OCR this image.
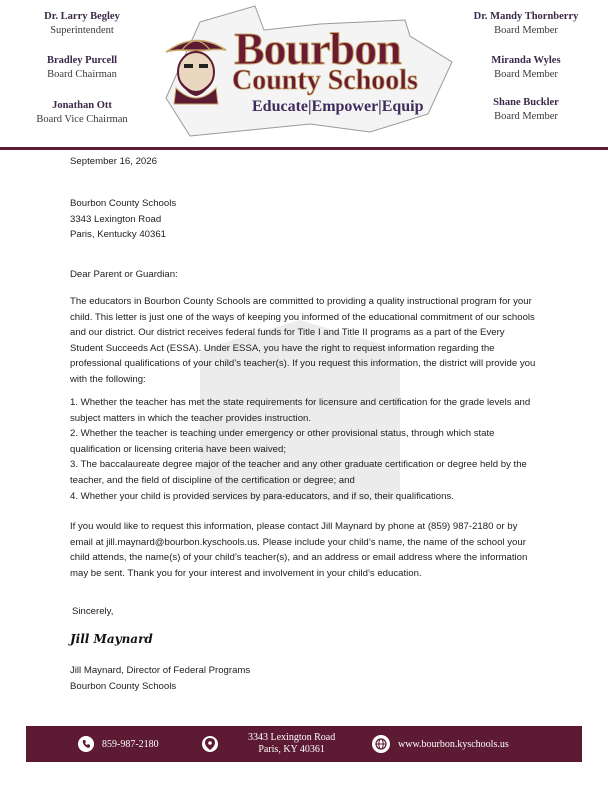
Dr. Larry Begley
Superintendent
Bradley Purcell
Board Chairman
Jonathan Ott
Board Vice Chairman
Dr. Mandy Thornberry
Board Member
Miranda Wyles
Board Member
Shane Buckler
Board Member
Bourbon
County Schools
Educate|Empower|Equip
September 16, 2026
Bourbon County Schools
3343 Lexington Road
Paris, Kentucky 40361
Dear Parent or Guardian:

The educators in Bourbon County Schools are committed to providing a quality instructional program for your child. This letter is just one of the ways of keeping you informed of the educational commitment of our schools and our district. Our district receives federal funds for Title I and Title II programs as a part of the Every Student Succeeds Act (ESSA). Under ESSA, you have the right to request information regarding the professional qualifications of your child’s teacher(s). If you request this information, the district will provide you with the following:

1. Whether the teacher has met the state requirements for licensure and certification for the grade levels and subject matters in which the teacher provides instruction.
2. Whether the teacher is teaching under emergency or other provisional status, through which state qualification or licensing criteria have been waived;
3. The baccalaureate degree major of the teacher and any other graduate certification or degree held by the teacher, and the field of discipline of the certification or degree; and
4. Whether your child is provided services by para-educators, and if so, their qualifications.

If you would like to request this information, please contact Jill Maynard by phone at (859) 987-2180 or by email at jill.maynard@bourbon.kyschools.us. Please include your child’s name, the name of the school your child attends, the name(s) of your child’s teacher(s), and an address or email address where the information may be sent. Thank you for your interest and involvement in your child’s education.

Sincerely,
Jill Maynard
Jill Maynard, Director of Federal Programs
Bourbon County Schools
859-987-2180
3343 Lexington Road
Paris, KY 40361	www.bourbon.kyschools.us
